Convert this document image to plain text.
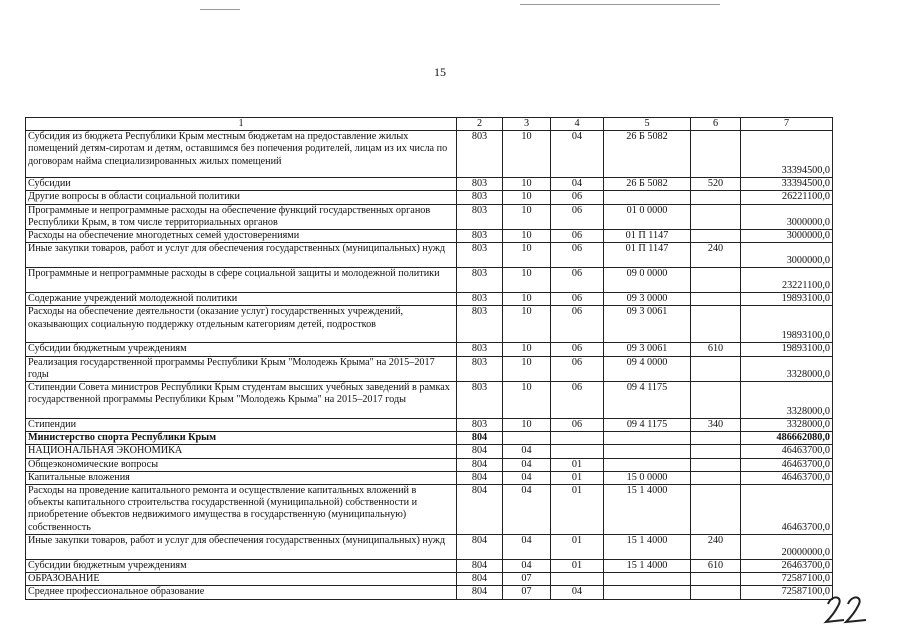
15
1	2	3	4	5	6	7
Субсидия из бюджета Республики Крым местным бюджетам на предоставление жилых помещений детям-сиротам и детям, оставшимся без попечения родителей, лицам из их числа по договорам найма специализированных жилых помещений	803	10	04	26 Б 5082		33394500,0
Субсидии	803	10	04	26 Б 5082	520	33394500,0
Другие вопросы в области социальной политики	803	10	06			26221100,0
Программные и непрограммные расходы на обеспечение функций государственных органов Республики Крым, в том числе территориальных органов	803	10	06	01 0 0000		3000000,0
Расходы на обеспечение многодетных семей удостоверениями	803	10	06	01 П 1147		3000000,0
Иные закупки товаров, работ и услуг для обеспечения государственных (муниципальных) нужд	803	10	06	01 П 1147	240	3000000,0
Программные и непрограммные расходы в сфере социальной защиты и молодежной политики	803	10	06	09 0 0000		23221100,0
Содержание учреждений молодежной политики	803	10	06	09 3 0000		19893100,0
Расходы на обеспечение деятельности (оказание услуг) государственных учреждений, оказывающих социальную поддержку отдельным категориям детей, подростков	803	10	06	09 3 0061		19893100,0
Субсидии бюджетным учреждениям	803	10	06	09 3 0061	610	19893100,0
Реализация государственной программы Республики Крым "Молодежь Крыма" на 2015–2017 годы	803	10	06	09 4 0000		3328000,0
Стипендии Совета министров Республики Крым студентам высших учебных заведений в рамках государственной программы Республики Крым "Молодежь Крыма" на 2015–2017 годы	803	10	06	09 4 1175		3328000,0
Стипендии	803	10	06	09 4 1175	340	3328000,0
Министерство спорта Республики Крым	804					486662080,0
НАЦИОНАЛЬНАЯ ЭКОНОМИКА	804	04				46463700,0
Общеэкономические вопросы	804	04	01			46463700,0
Капитальные вложения	804	04	01	15 0 0000		46463700,0
Расходы на проведение капитального ремонта и осуществление капитальных вложений в объекты капитального строительства государственной (муниципальной) собственности и приобретение объектов недвижимого имущества в государственную (муниципальную) собственность	804	04	01	15 1 4000		46463700,0
Иные закупки товаров, работ и услуг для обеспечения государственных (муниципальных) нужд	804	04	01	15 1 4000	240	20000000,0
Субсидии бюджетным учреждениям	804	04	01	15 1 4000	610	26463700,0
ОБРАЗОВАНИЕ	804	07				72587100,0
Среднее профессиональное образование	804	07	04			72587100,0
